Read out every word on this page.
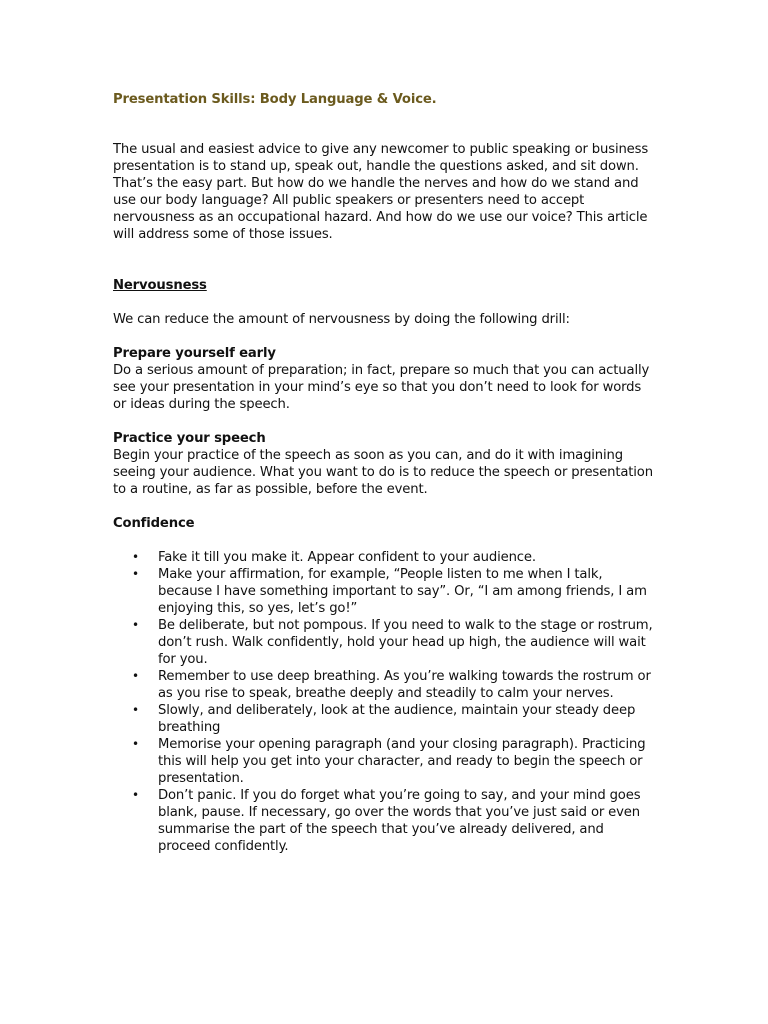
Presentation Skills: Body Language & Voice.

The usual and easiest advice to give any newcomer to public speaking or business presentation is to stand up, speak out, handle the questions asked, and sit down. That’s the easy part. But how do we handle the nerves and how do we stand and use our body language? All public speakers or presenters need to accept nervousness as an occupational hazard. And how do we use our voice? This article will address some of those issues.

Nervousness

We can reduce the amount of nervousness by doing the following drill:

Prepare yourself early

Do a serious amount of preparation; in fact, prepare so much that you can actually see your presentation in your mind’s eye so that you don’t need to look for words or ideas during the speech.

Practice your speech

Begin your practice of the speech as soon as you can, and do it with imagining seeing your audience. What you want to do is to reduce the speech or presentation to a routine, as far as possible, before the event.

Confidence
• Fake it till you make it. Appear confident to your audience.
• Make your affirmation, for example, “People listen to me when I talk, because I have something important to say”. Or, “I am among friends, I am enjoying this, so yes, let’s go!”
• Be deliberate, but not pompous. If you need to walk to the stage or rostrum, don’t rush. Walk confidently, hold your head up high, the audience will wait for you.
• Remember to use deep breathing. As you’re walking towards the rostrum or as you rise to speak, breathe deeply and steadily to calm your nerves.
• Slowly, and deliberately, look at the audience, maintain your steady deep breathing
• Memorise your opening paragraph (and your closing paragraph). Practicing this will help you get into your character, and ready to begin the speech or presentation.
• Don’t panic. If you do forget what you’re going to say, and your mind goes blank, pause. If necessary, go over the words that you’ve just said or even summarise the part of the speech that you’ve already delivered, and proceed confidently.
